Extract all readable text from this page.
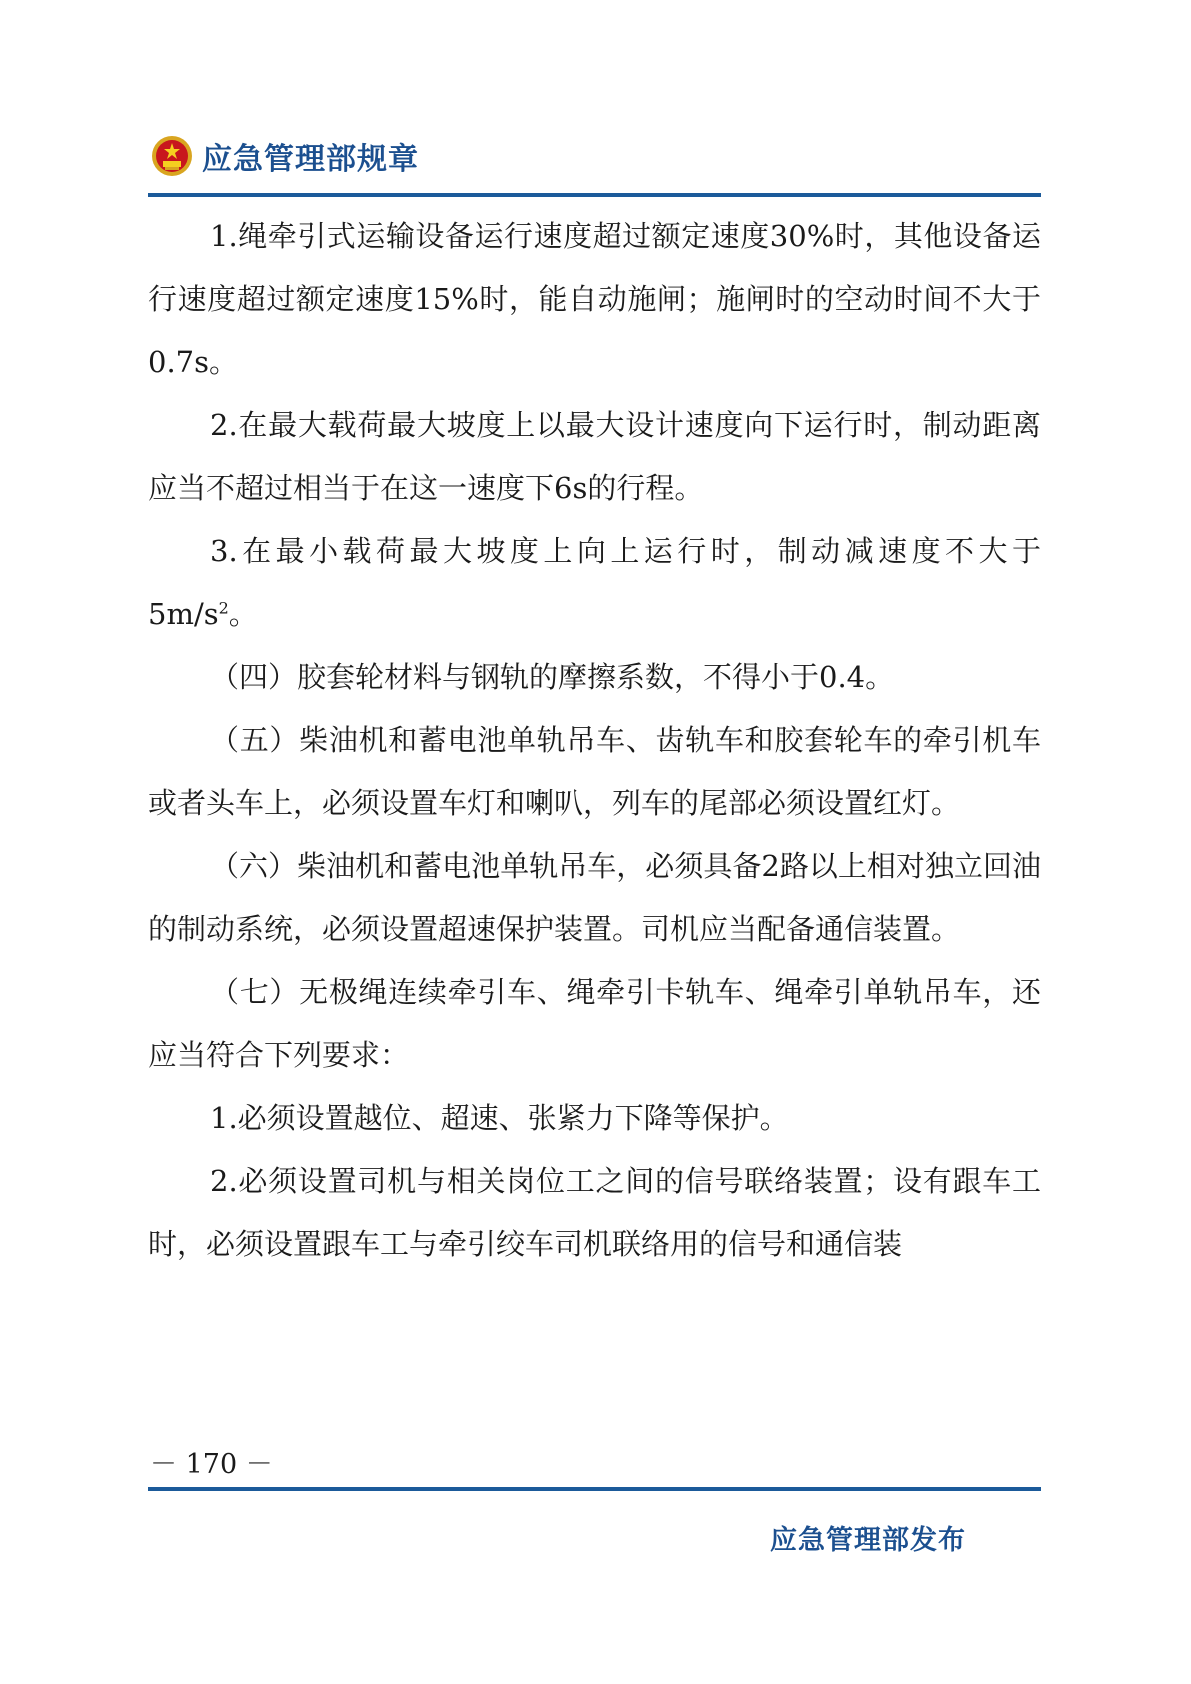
应急管理部规章

1.绳牵引式运输设备运行速度超过额定速度30%时，其他设备运行速度超过额定速度15%时，能自动施闸；施闸时的空动时间不大于0.7s。

2.在最大载荷最大坡度上以最大设计速度向下运行时，制动距离应当不超过相当于在这一速度下6s的行程。

3.在最小载荷最大坡度上向上运行时，制动减速度不大于$5m/s^2$。

（四）胶套轮材料与钢轨的摩擦系数，不得小于0.4。

（五）柴油机和蓄电池单轨吊车、齿轨车和胶套轮车的牵引机车或者头车上，必须设置车灯和喇叭，列车的尾部必须设置红灯。

（六）柴油机和蓄电池单轨吊车，必须具备2路以上相对独立回油的制动系统，必须设置超速保护装置。司机应当配备通信装置。

（七）无极绳连续牵引车、绳牵引卡轨车、绳牵引单轨吊车，还应当符合下列要求：

1.必须设置越位、超速、张紧力下降等保护。

2.必须设置司机与相关岗位工之间的信号联络装置；设有跟车工时，必须设置跟车工与牵引绞车司机联络用的信号和通信装

－ 170 －
应急管理部发布
